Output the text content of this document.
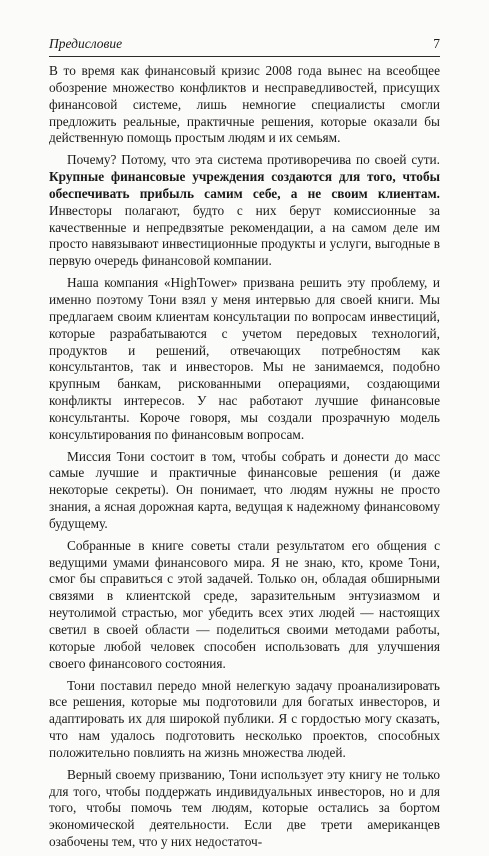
Предисловие	7

В то время как финансовый кризис 2008 года вынес на всеобщее обозрение множество конфликтов и несправедливостей, присущих финансовой системе, лишь немногие специалисты смогли предложить реальные, практичные решения, которые оказали бы действенную помощь простым людям и их семьям.

Почему? Потому, что эта система противоречива по своей сути. Крупные финансовые учреждения создаются для того, чтобы обеспечивать прибыль самим себе, а не своим клиентам. Инвесторы полагают, будто с них берут комиссионные за качественные и непредвзятые рекомендации, а на самом деле им просто навязывают инвестиционные продукты и услуги, выгодные в первую очередь финансовой компании.

Наша компания «HighTower» призвана решить эту проблему, и именно поэтому Тони взял у меня интервью для своей книги. Мы предлагаем своим клиентам консультации по вопросам инвестиций, которые разрабатываются с учетом передовых технологий, продуктов и решений, отвечающих потребностям как консультантов, так и инвесторов. Мы не занимаемся, подобно крупным банкам, рискованными операциями, создающими конфликты интересов. У нас работают лучшие финансовые консультанты. Короче говоря, мы создали прозрачную модель консультирования по финансовым вопросам.

Миссия Тони состоит в том, чтобы собрать и донести до масс самые лучшие и практичные финансовые решения (и даже некоторые секреты). Он понимает, что людям нужны не просто знания, а ясная дорожная карта, ведущая к надежному финансовому будущему.

Собранные в книге советы стали результатом его общения с ведущими умами финансового мира. Я не знаю, кто, кроме Тони, смог бы справиться с этой задачей. Только он, обладая обширными связями в клиентской среде, заразительным энтузиазмом и неутолимой страстью, мог убедить всех этих людей — настоящих светил в своей области — поделиться своими методами работы, которые любой человек способен использовать для улучшения своего финансового состояния.

Тони поставил передо мной нелегкую задачу проанализировать все решения, которые мы подготовили для богатых инвесторов, и адаптировать их для широкой публики. Я с гордостью могу сказать, что нам удалось подготовить несколько проектов, способных положительно повлиять на жизнь множества людей.

Верный своему призванию, Тони использует эту книгу не только для того, чтобы поддержать индивидуальных инвесторов, но и для того, чтобы помочь тем людям, которые остались за бортом экономической деятельности. Если две трети американцев озабочены тем, что у них недостаточ-
